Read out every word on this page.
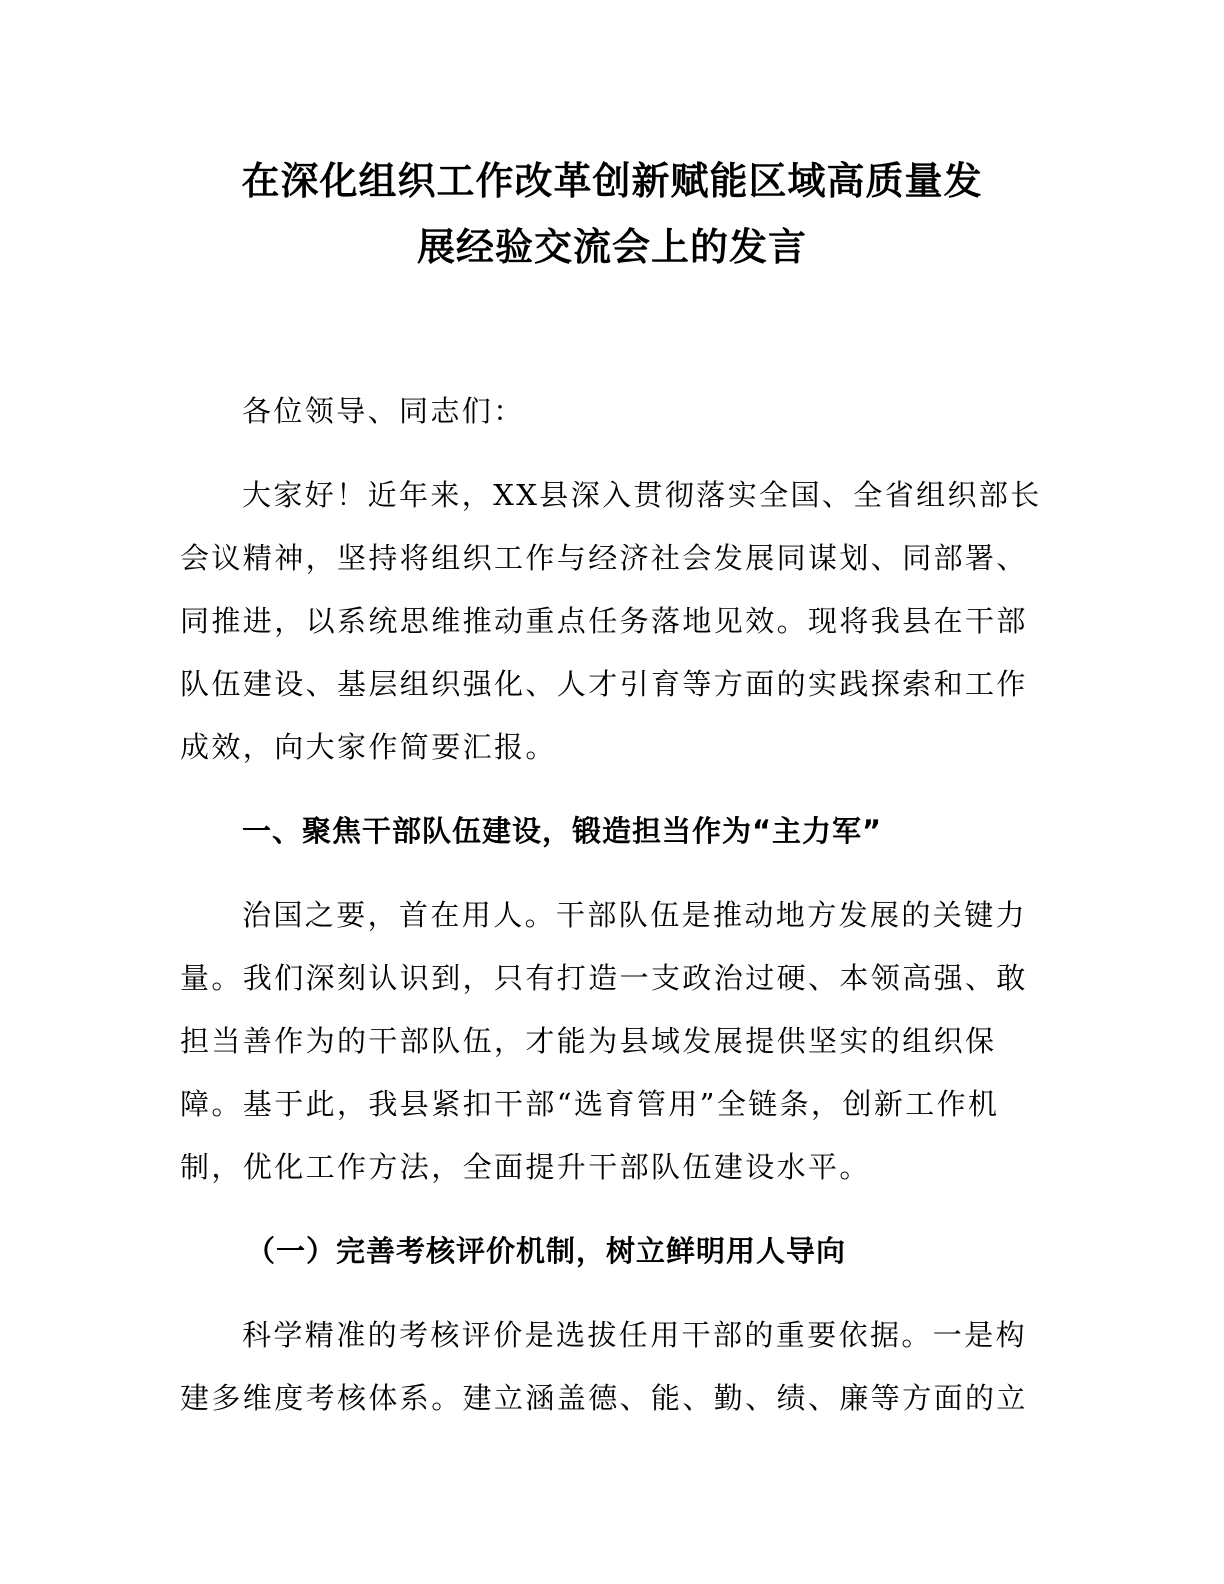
在深化组织工作改革创新赋能区域高质量发
展经验交流会上的发言

各位领导、同志们：

大家好！近年来，XX县深入贯彻落实全国、全省组织部长会议精神，坚持将组织工作与经济社会发展同谋划、同部署、同推进，以系统思维推动重点任务落地见效。现将我县在干部队伍建设、基层组织强化、人才引育等方面的实践探索和工作成效，向大家作简要汇报。

一、聚焦干部队伍建设，锻造担当作为“主力军”

治国之要，首在用人。干部队伍是推动地方发展的关键力量。我们深刻认识到，只有打造一支政治过硬、本领高强、敢担当善作为的干部队伍，才能为县域发展提供坚实的组织保障。基于此，我县紧扣干部“选育管用”全链条，创新工作机制，优化工作方法，全面提升干部队伍建设水平。

（一）完善考核评价机制，树立鲜明用人导向

科学精准的考核评价是选拔任用干部的重要依据。一是构建多维度考核体系。建立涵盖德、能、勤、绩、廉等方面的立
